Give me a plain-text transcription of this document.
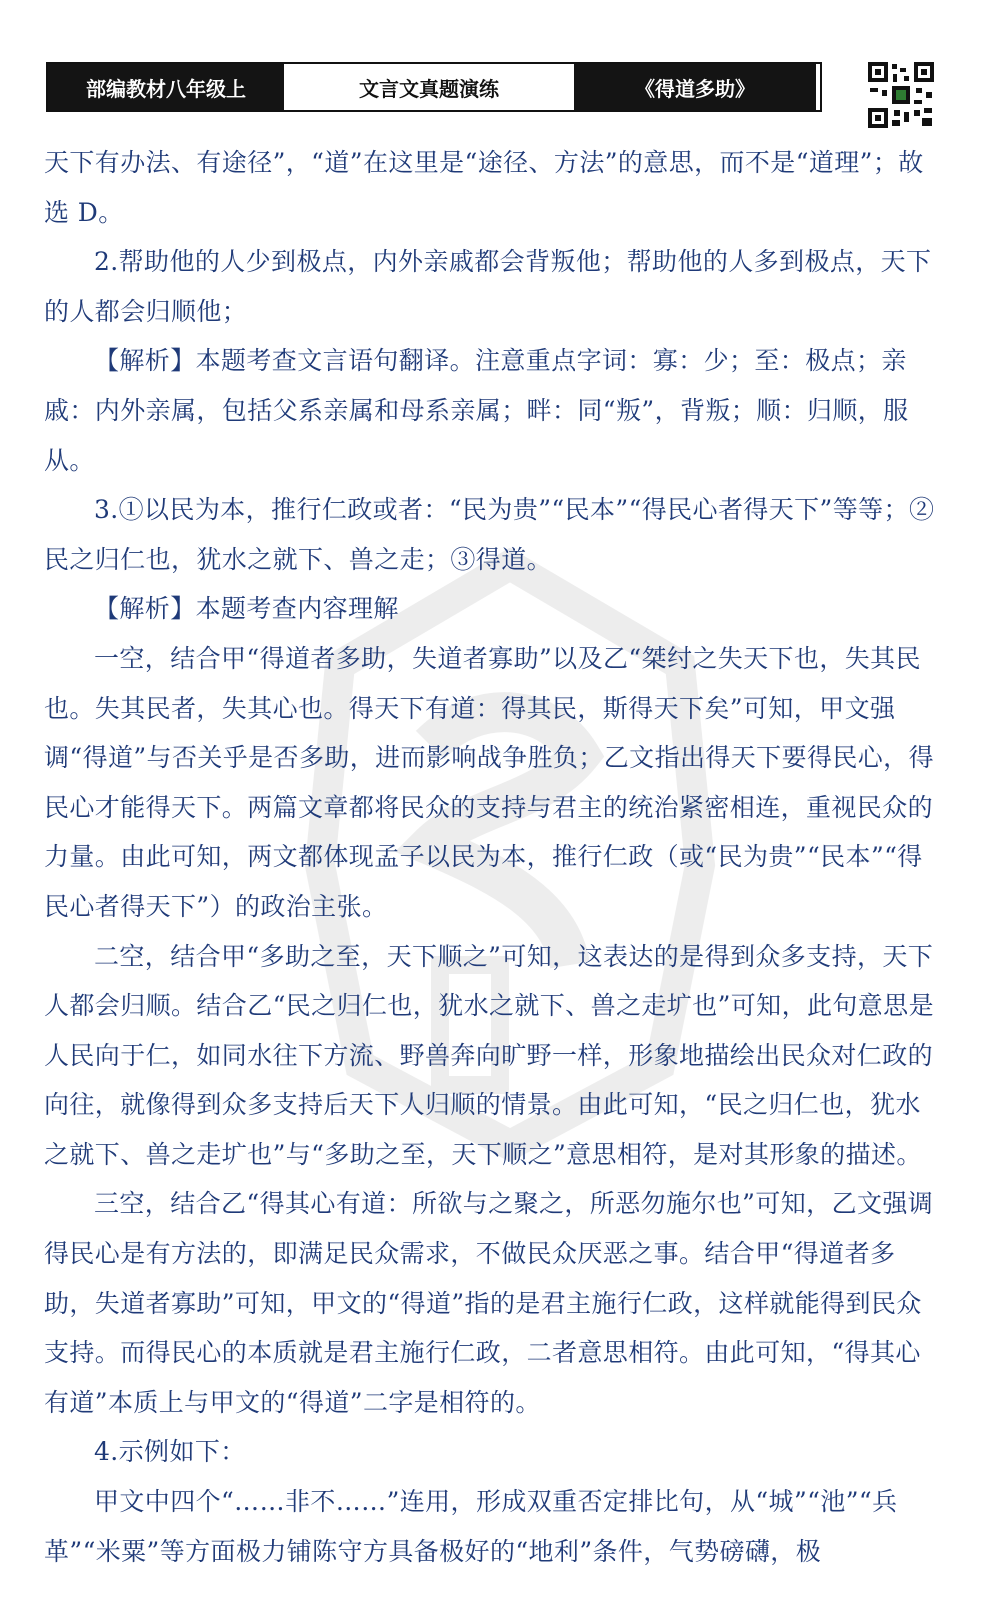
部编教材八年级上	文言文真题演练	《得道多助》

天下有办法、有途径”，“道”在这里是“途径、方法”的意思，而不是“道理”；故选 D。

2.帮助他的人少到极点，内外亲戚都会背叛他；帮助他的人多到极点，天下的人都会归顺他；

【解析】本题考查文言语句翻译。注意重点字词：寡：少；至：极点；亲戚：内外亲属，包括父系亲属和母系亲属；畔：同“叛”，背叛；顺：归顺，服从。

3.①以民为本，推行仁政或者：“民为贵”“民本”“得民心者得天下”等等；②民之归仁也，犹水之就下、兽之走；③得道。

【解析】本题考查内容理解

一空，结合甲“得道者多助，失道者寡助”以及乙“桀纣之失天下也，失其民也。失其民者，失其心也。得天下有道：得其民，斯得天下矣”可知，甲文强调“得道”与否关乎是否多助，进而影响战争胜负；乙文指出得天下要得民心，得民心才能得天下。两篇文章都将民众的支持与君主的统治紧密相连，重视民众的力量。由此可知，两文都体现孟子以民为本，推行仁政（或“民为贵”“民本”“得民心者得天下”）的政治主张。

二空，结合甲“多助之至，天下顺之”可知，这表达的是得到众多支持，天下人都会归顺。结合乙“民之归仁也，犹水之就下、兽之走圹也”可知，此句意思是人民向于仁，如同水往下方流、野兽奔向旷野一样，形象地描绘出民众对仁政的向往，就像得到众多支持后天下人归顺的情景。由此可知，“民之归仁也，犹水之就下、兽之走圹也”与“多助之至，天下顺之”意思相符，是对其形象的描述。

三空，结合乙“得其心有道：所欲与之聚之，所恶勿施尔也”可知，乙文强调得民心是有方法的，即满足民众需求，不做民众厌恶之事。结合甲“得道者多助，失道者寡助”可知，甲文的“得道”指的是君主施行仁政，这样就能得到民众支持。而得民心的本质就是君主施行仁政，二者意思相符。由此可知，“得其心有道”本质上与甲文的“得道”二字是相符的。

4.示例如下：

甲文中四个“……非不……”连用，形成双重否定排比句，从“城”“池”“兵革”“米粟”等方面极力铺陈守方具备极好的“地利”条件，气势磅礴，极
